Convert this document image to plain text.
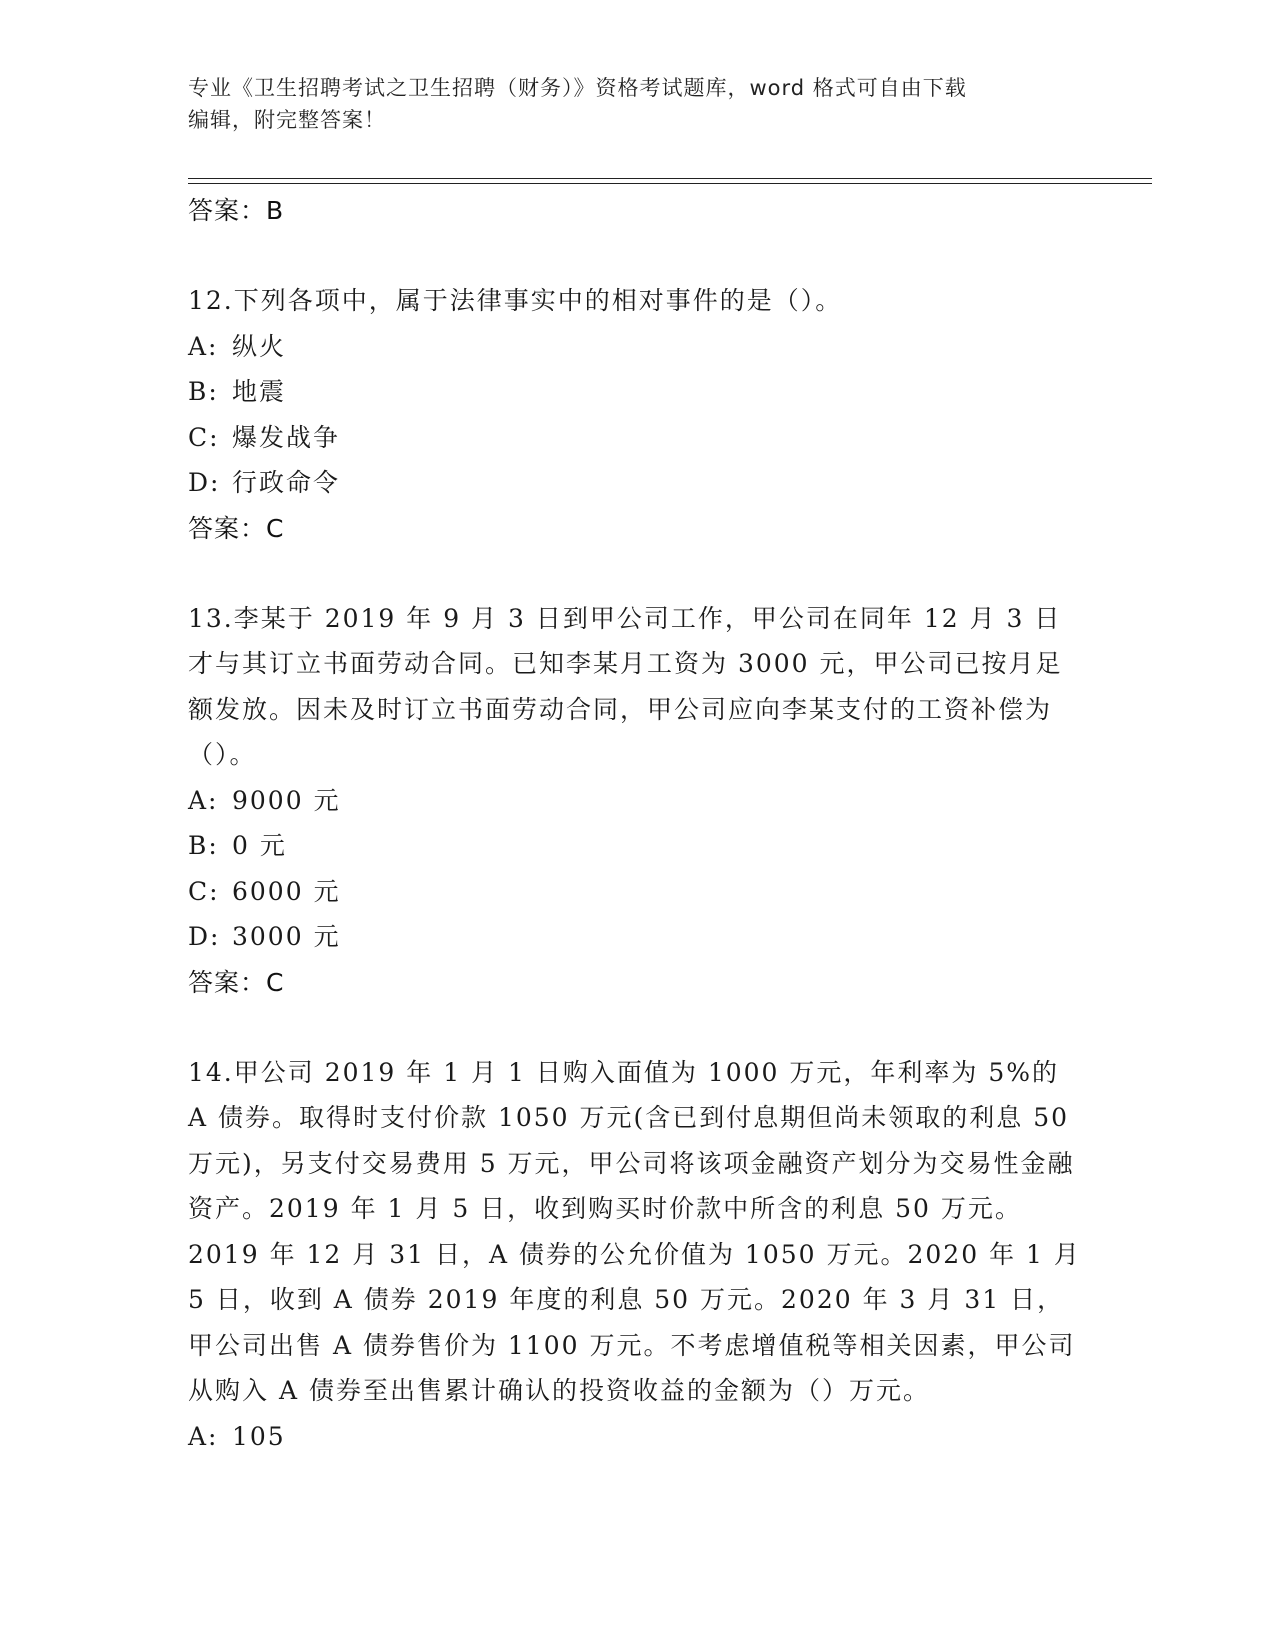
专业《卫生招聘考试之卫生招聘（财务）》资格考试题库，word 格式可自由下载
编辑，附完整答案！
答案：B

12.下列各项中，属于法律事实中的相对事件的是（）。

A: 纵火
B: 地震
C: 爆发战争
D: 行政命令
答案：C

13.李某于 2019 年 9 月 3 日到甲公司工作，甲公司在同年 12 月 3 日才与其订立书面劳动合同。已知李某月工资为 3000 元，甲公司已按月足额发放。因未及时订立书面劳动合同，甲公司应向李某支付的工资补偿为（）。

A: 9000 元
B: 0 元
C: 6000 元
D: 3000 元
答案：C

14.甲公司 2019 年 1 月 1 日购入面值为 1000 万元，年利率为 5%的 A 债券。取得时支付价款 1050 万元(含已到付息期但尚未领取的利息 50 万元)，另支付交易费用 5 万元，甲公司将该项金融资产划分为交易性金融资产。2019 年 1 月 5 日，收到购买时价款中所含的利息 50 万元。2019 年 12 月 31 日，A 债券的公允价值为 1050 万元。2020 年 1 月 5 日，收到 A 债券 2019 年度的利息 50 万元。2020 年 3 月 31 日，甲公司出售 A 债券售价为 1100 万元。不考虑增值税等相关因素，甲公司从购入 A 债券至出售累计确认的投资收益的金额为（）万元。

A: 105
